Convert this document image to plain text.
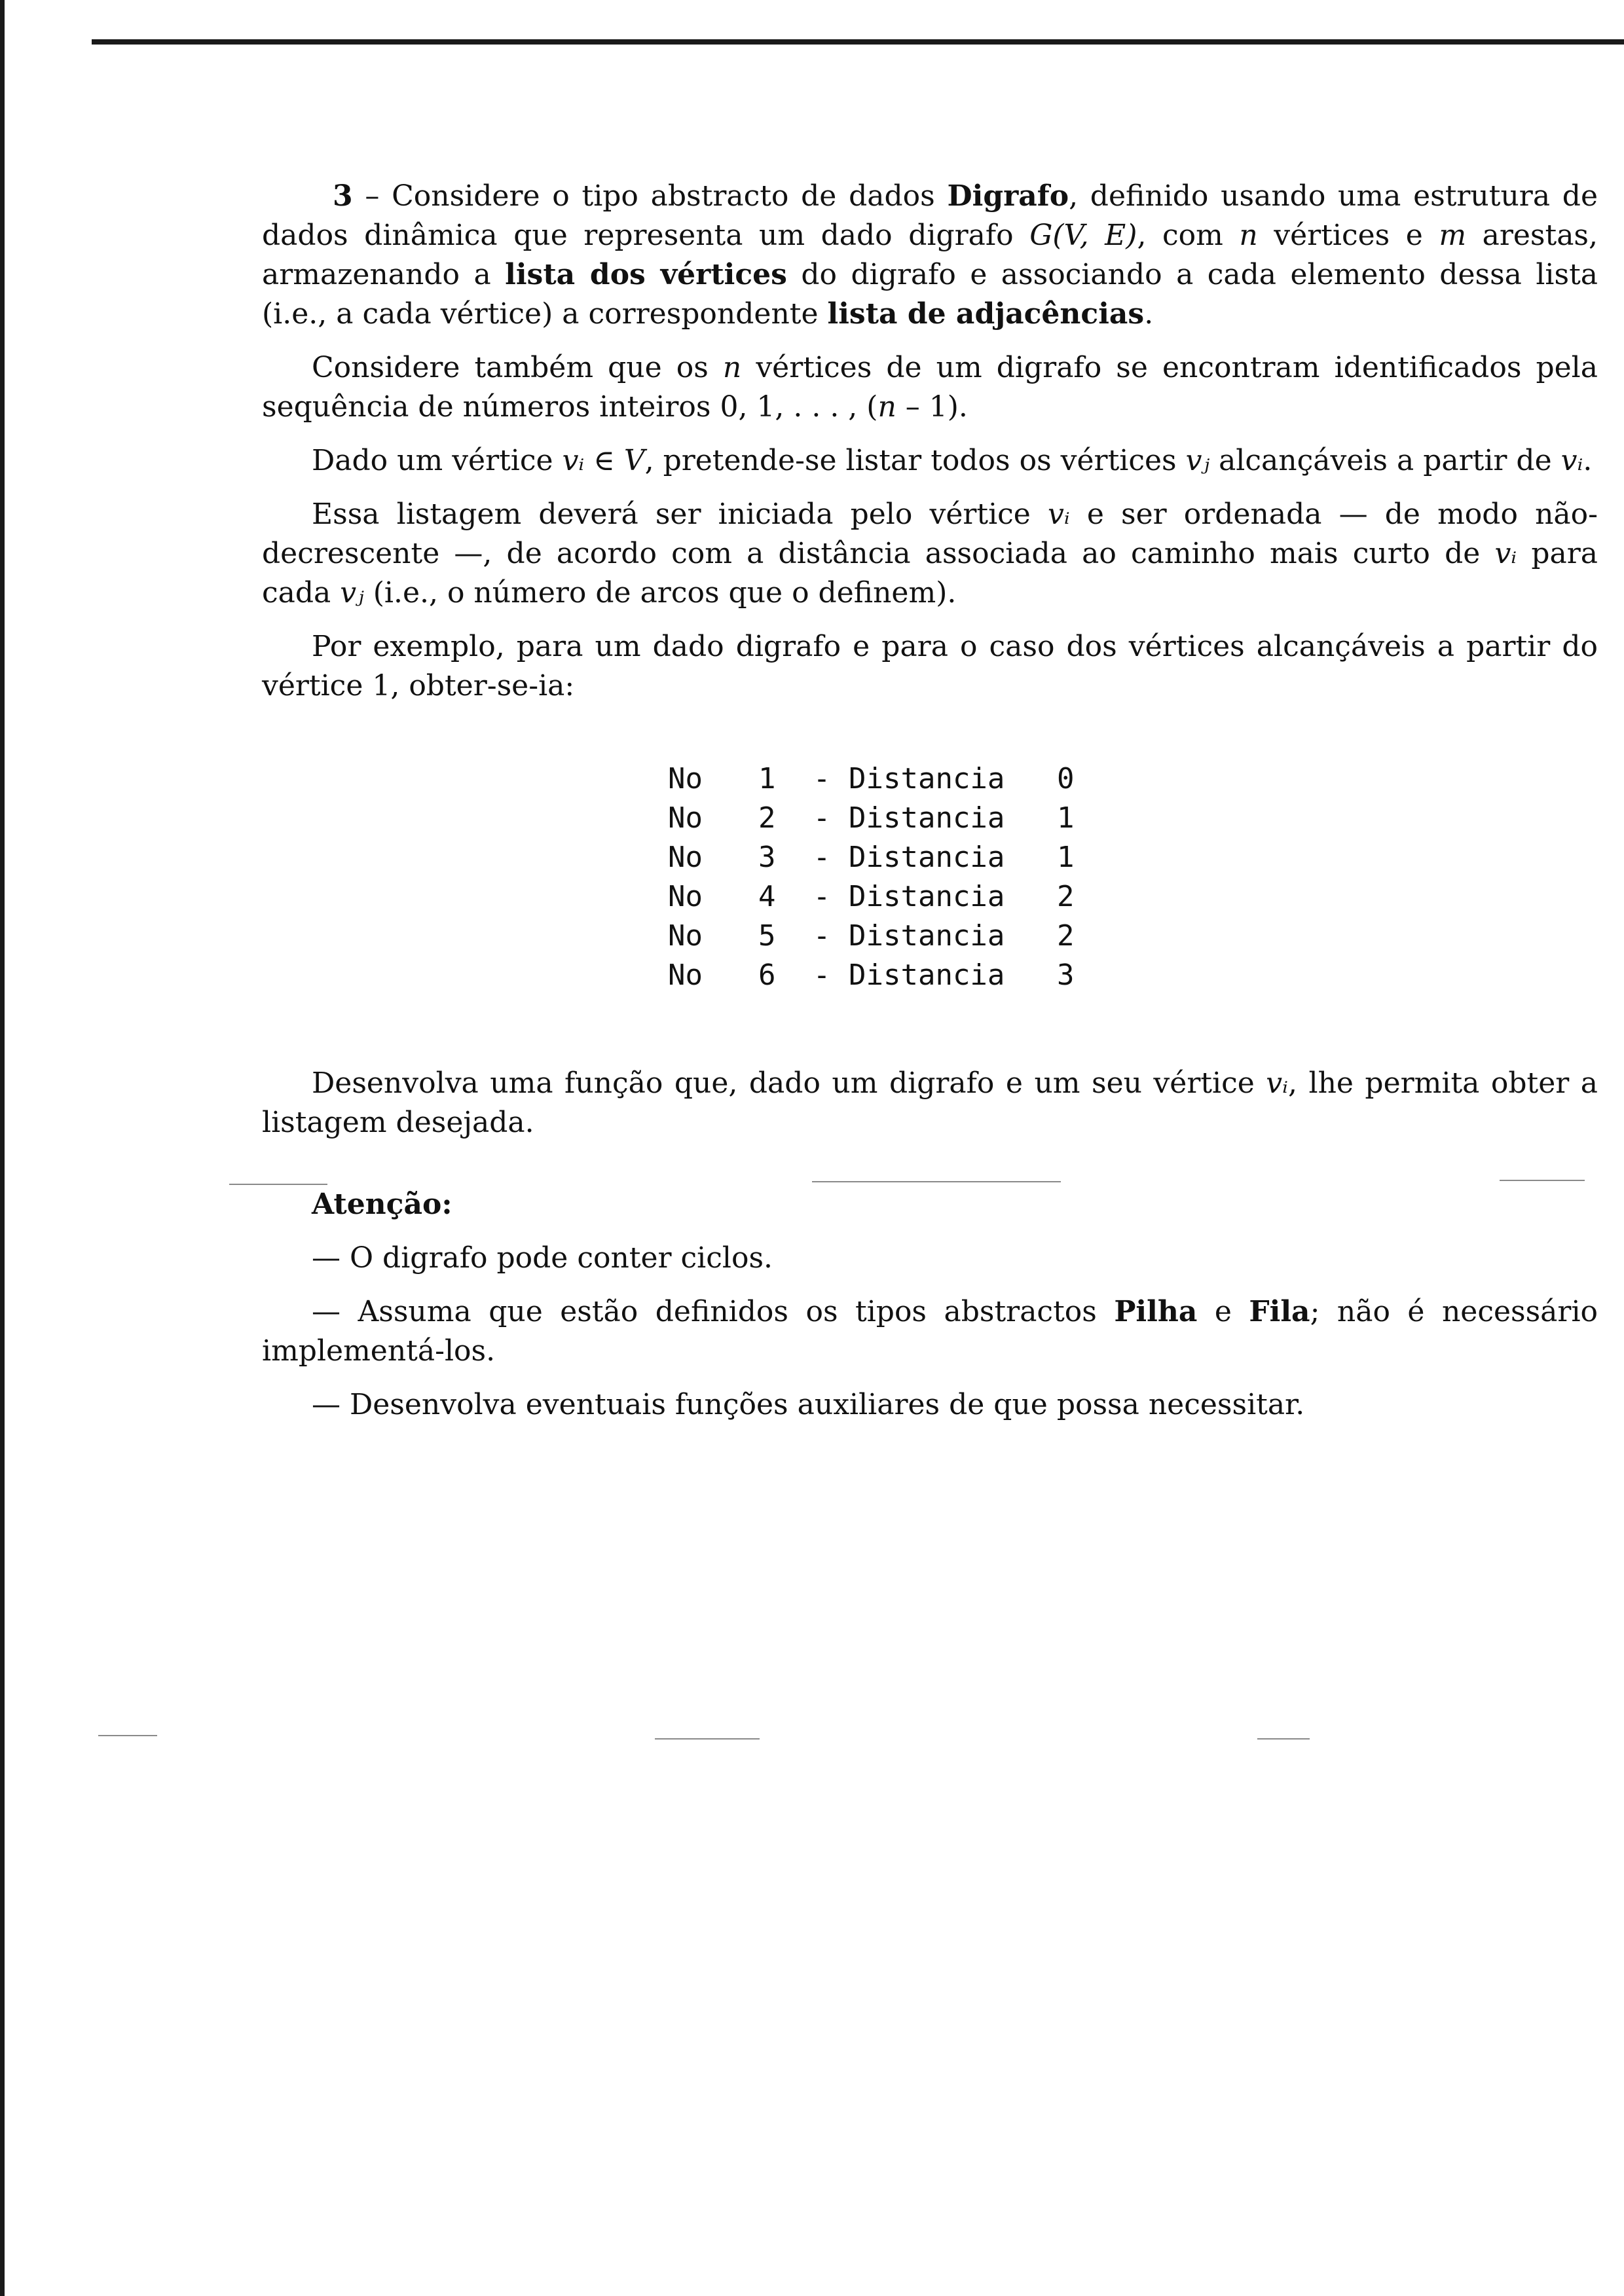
3 – Considere o tipo abstracto de dados Digrafo, definido usando uma estrutura de dados dinâmica que representa um dado digrafo G(V, E), com n vértices e m arestas, armazenando a lista dos vértices do digrafo e associando a cada elemento dessa lista (i.e., a cada vértice) a correspondente lista de adjacências.

Considere também que os n vértices de um digrafo se encontram identificados pela sequência de números inteiros 0, 1, . . . , (n – 1).

Dado um vértice vᵢ ∈ V, pretende-se listar todos os vértices vⱼ alcançáveis a partir de vᵢ.

Essa listagem deverá ser iniciada pelo vértice vᵢ e ser ordenada — de modo não-decrescente —, de acordo com a distância associada ao caminho mais curto de vᵢ para cada vⱼ (i.e., o número de arcos que o definem).

Por exemplo, para um dado digrafo e para o caso dos vértices alcançáveis a partir do vértice 1, obter-se-ia:

No	1	- Distancia	0
No	2	- Distancia	1
No	3	- Distancia	1
No	4	- Distancia	2
No	5	- Distancia	2
No	6	- Distancia	3

Desenvolva uma função que, dado um digrafo e um seu vértice vᵢ, lhe permita obter a listagem desejada.

Atenção:

— O digrafo pode conter ciclos.

— Assuma que estão definidos os tipos abstractos Pilha e Fila; não é necessário implementá-los.

— Desenvolva eventuais funções auxiliares de que possa necessitar.
